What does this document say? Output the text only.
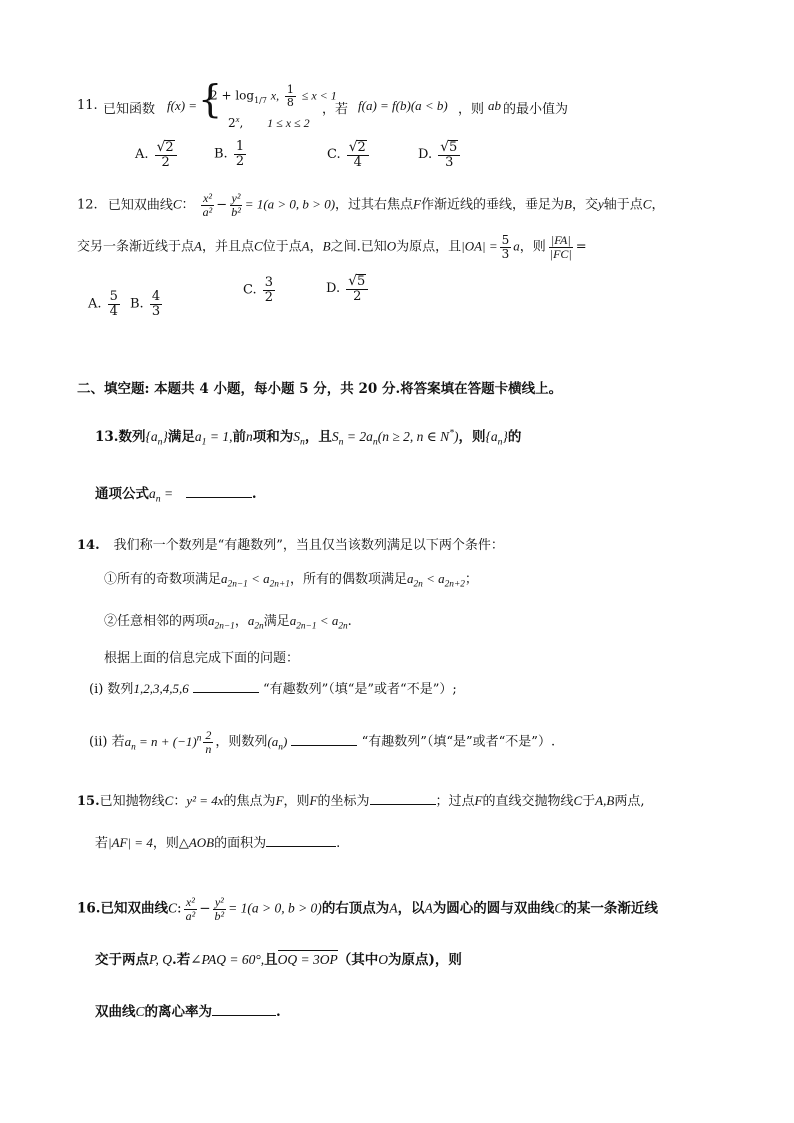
11. 已知函数 f(x) = {
$2 + \log_{1/7} x$, $\frac{1}{8} \le x < 1$
2$^x$, 1 ≤ x ≤ 2
，若 f(a) = f(b)(a < b) ，则 ab 的最小值为
A. $\frac{√2}{2}$	B. $\frac{1}{2}$	C. $\frac{√2}{4}$	D. $\frac{√5}{3}$
12. 已知双曲线C： $\frac{\text{x²}}{\text{a²}} - \frac{\text{y²}}{\text{b²}} = 1(a > 0$, b > 0)，过其右焦点F作渐近线的垂线，垂足为B，交y轴于点C，
交另一条渐近线于点A，并且点C位于点A，B之间.已知O为原点，且$|OA| = \frac{5}{3}$ a，则 $\frac{|FA|}{|FC|}$ =
A. $\frac{5}{4} B$. $\frac{4}{3}$	C. $\frac{3}{2}$	D. $\frac{√5}{2}$
二、填空题: 本题共 4 小题，每小题 5 分，共 20 分.将答案填在答题卡横线上。
13.数列$\{a_n\}$满足$a_1 = 1$,前n项和为$S_n$，且$S_n = 2a_n(n \ge 2$, n ∈ N*)，则$\{a_n\}$的
通项公式$a_n$ =	.
14. 我们称一个数列是“有趣数列”，当且仅当该数列满足以下两个条件：
①所有的奇数项满足$a_{2n-1} < a_{2n+1}$，所有的偶数项满足$a_{2n} < a_{2n+2}$；
②任意相邻的两项$a_{2n-1}$，$a_{2n}$满足$a_{2n-1} < a_{2n}$.
根据上面的信息完成下面的问题：
(i) 数列1,2,3,4,5,6	“有趣数列”（填“是”或者“不是”）;
(ⅱ) 若$a_n = n + (-1)^n \frac{2}{n}$ ，则数列$(a_n)$	“有趣数列”（填“是”或者“不是”）.
15.已知抛物线C：y² = 4x的焦点为F，则F的坐标为	；过点F的直线交抛物线C于A,B两点,
若|AF| = 4，则△AOB的面积为	.
16.已知双曲线C: $\frac{\text{x²}}{\text{a²}} - \frac{\text{y²}}{\text{b²}} = 1(a > 0$, b > 0)的右顶点为A，以A为圆心的圆与双曲线C的某一条渐近线
交于两点P, Q.若∠PAQ = 60°,且OQ = 3OP（其中O为原点)，则
双曲线C的离心率为	.
